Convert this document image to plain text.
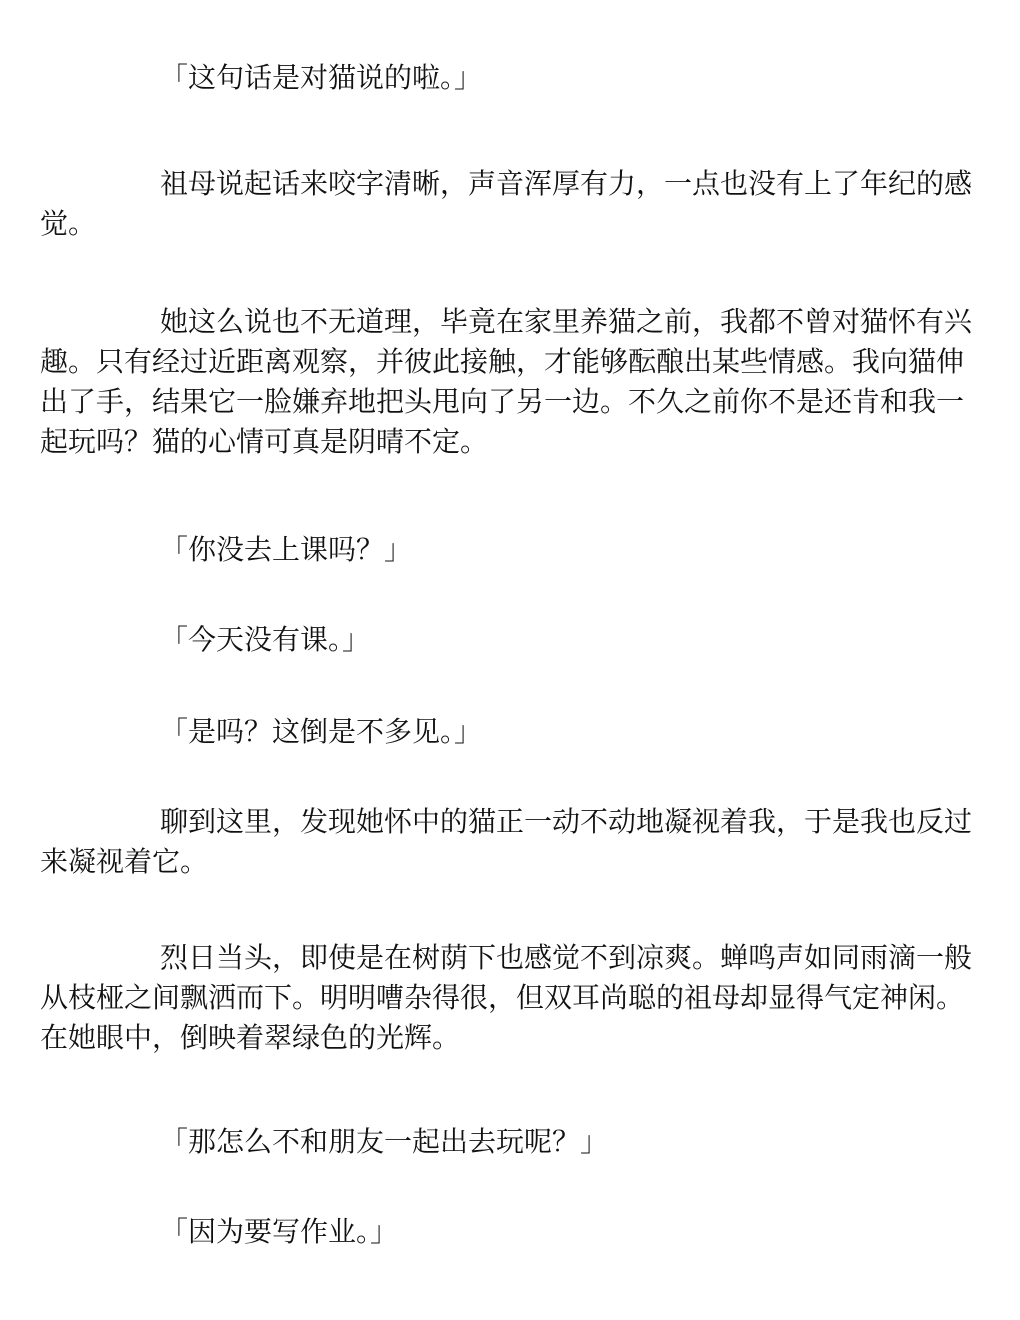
「这句话是对猫说的啦。」

祖母说起话来咬字清晰，声音浑厚有力，一点也没有上了年纪的感觉。

她这么说也不无道理，毕竟在家里养猫之前，我都不曾对猫怀有兴趣。只有经过近距离观察，并彼此接触，才能够酝酿出某些情感。我向猫伸出了手，结果它一脸嫌弃地把头甩向了另一边。不久之前你不是还肯和我一起玩吗？猫的心情可真是阴晴不定。

「你没去上课吗？」

「今天没有课。」

「是吗？这倒是不多见。」

聊到这里，发现她怀中的猫正一动不动地凝视着我，于是我也反过来凝视着它。

烈日当头，即使是在树荫下也感觉不到凉爽。蝉鸣声如同雨滴一般从枝桠之间飘洒而下。明明嘈杂得很，但双耳尚聪的祖母却显得气定神闲。在她眼中，倒映着翠绿色的光辉。

「那怎么不和朋友一起出去玩呢？」

「因为要写作业。」
